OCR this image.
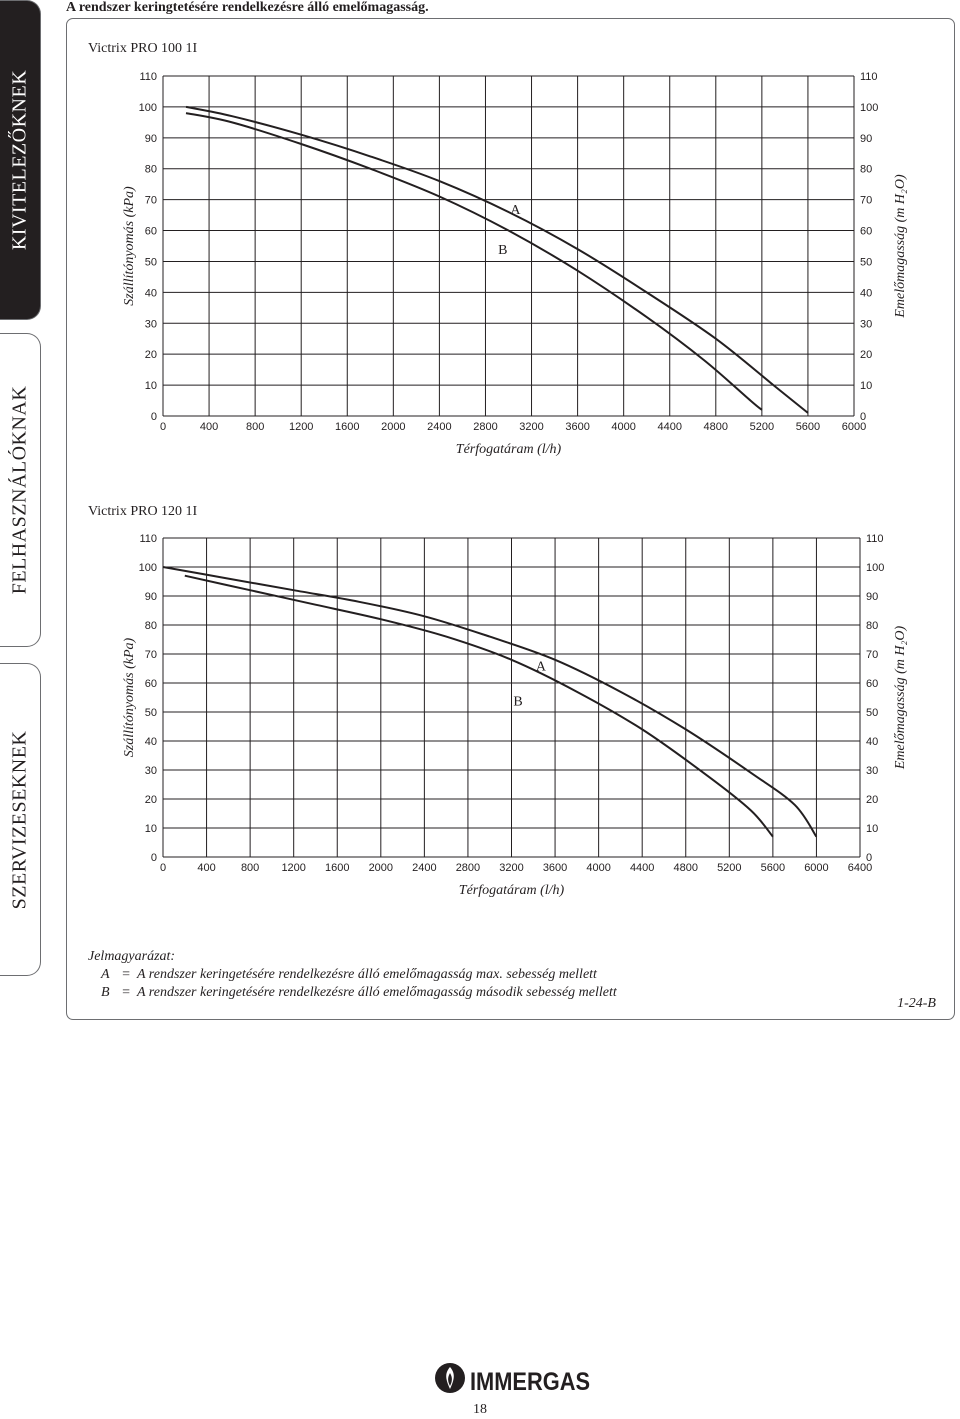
A rendszer keringtetésére rendelkezésre álló emelőmagasság.
KIVITELEZŐKNEK
FELHASZNÁLÓKNAK
SZERVIZESEKNEK
Victrix PRO 100 1I
0
10
20
30
40
50
60
70
80
90
100
110
0
10
20
30
40
50
60
70
80
90
100
110
0	400	800 1200 1600 2000 2400 2800 3200 3600 4000 4400 4800 5200 5600 6000
Térfogatáram (l/h)
Szállítónyomás (kPa)	Emelőmagasság (m H₂O)
A
B
Victrix PRO 120 1I
0
10
20
30
40
50
60
70
80
90
100
110
0
10
20
30
40
50
60
70
80
90
100
110
0	400 800 1200 1600 2000 2400 2800 3200 3600 4000 4400 4800 5200 5600 6000 6400
Térfogatáram (l/h)
Szállítónyomás (kPa)	Emelőmagasság (m H₂O)
A
B
Jelmagyarázat:
A = A rendszer keringetésére rendelkezésre álló emelőmagasság max. sebesség mellett
B = A rendszer keringetésére rendelkezésre álló emelőmagasság második sebesség mellett
1-24-B
IMMERGAS
18
